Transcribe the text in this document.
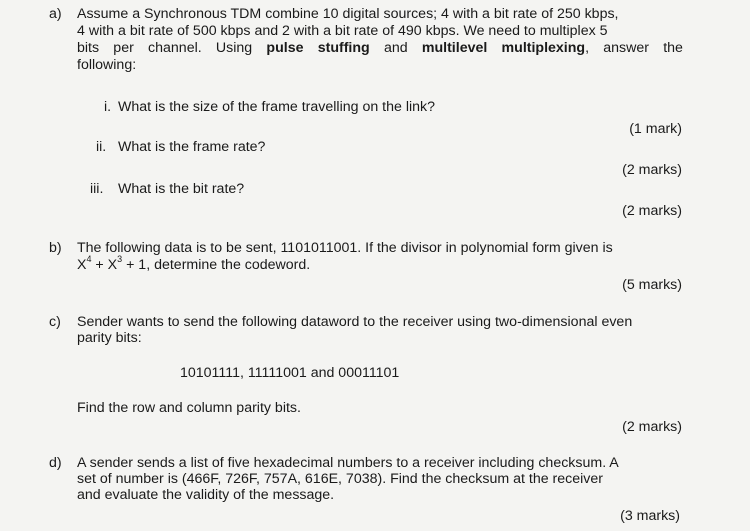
a) Assume a Synchronous TDM combine 10 digital sources; 4 with a bit rate of 250 kbps,
4 with a bit rate of 500 kbps and 2 with a bit rate of 490 kbps. We need to multiplex 5
bits per channel. Using pulse stuffing and multilevel multiplexing, answer the
following:
i. What is the size of the frame travelling on the link?
(1 mark)
ii. What is the frame rate?
(2 marks)
iii. What is the bit rate?
(2 marks)
b) The following data is to be sent, 1101011001. If the divisor in polynomial form given is
$X^4 + X^3 + 1$, determine the codeword.
(5 marks)
c) Sender wants to send the following dataword to the receiver using two-dimensional even
parity bits:
10101111, 11111001 and 00011101
Find the row and column parity bits.
(2 marks)
d) A sender sends a list of five hexadecimal numbers to a receiver including checksum. A
set of number is (466F, 726F, 757A, 616E, 7038). Find the checksum at the receiver
and evaluate the validity of the message.
(3 marks)
